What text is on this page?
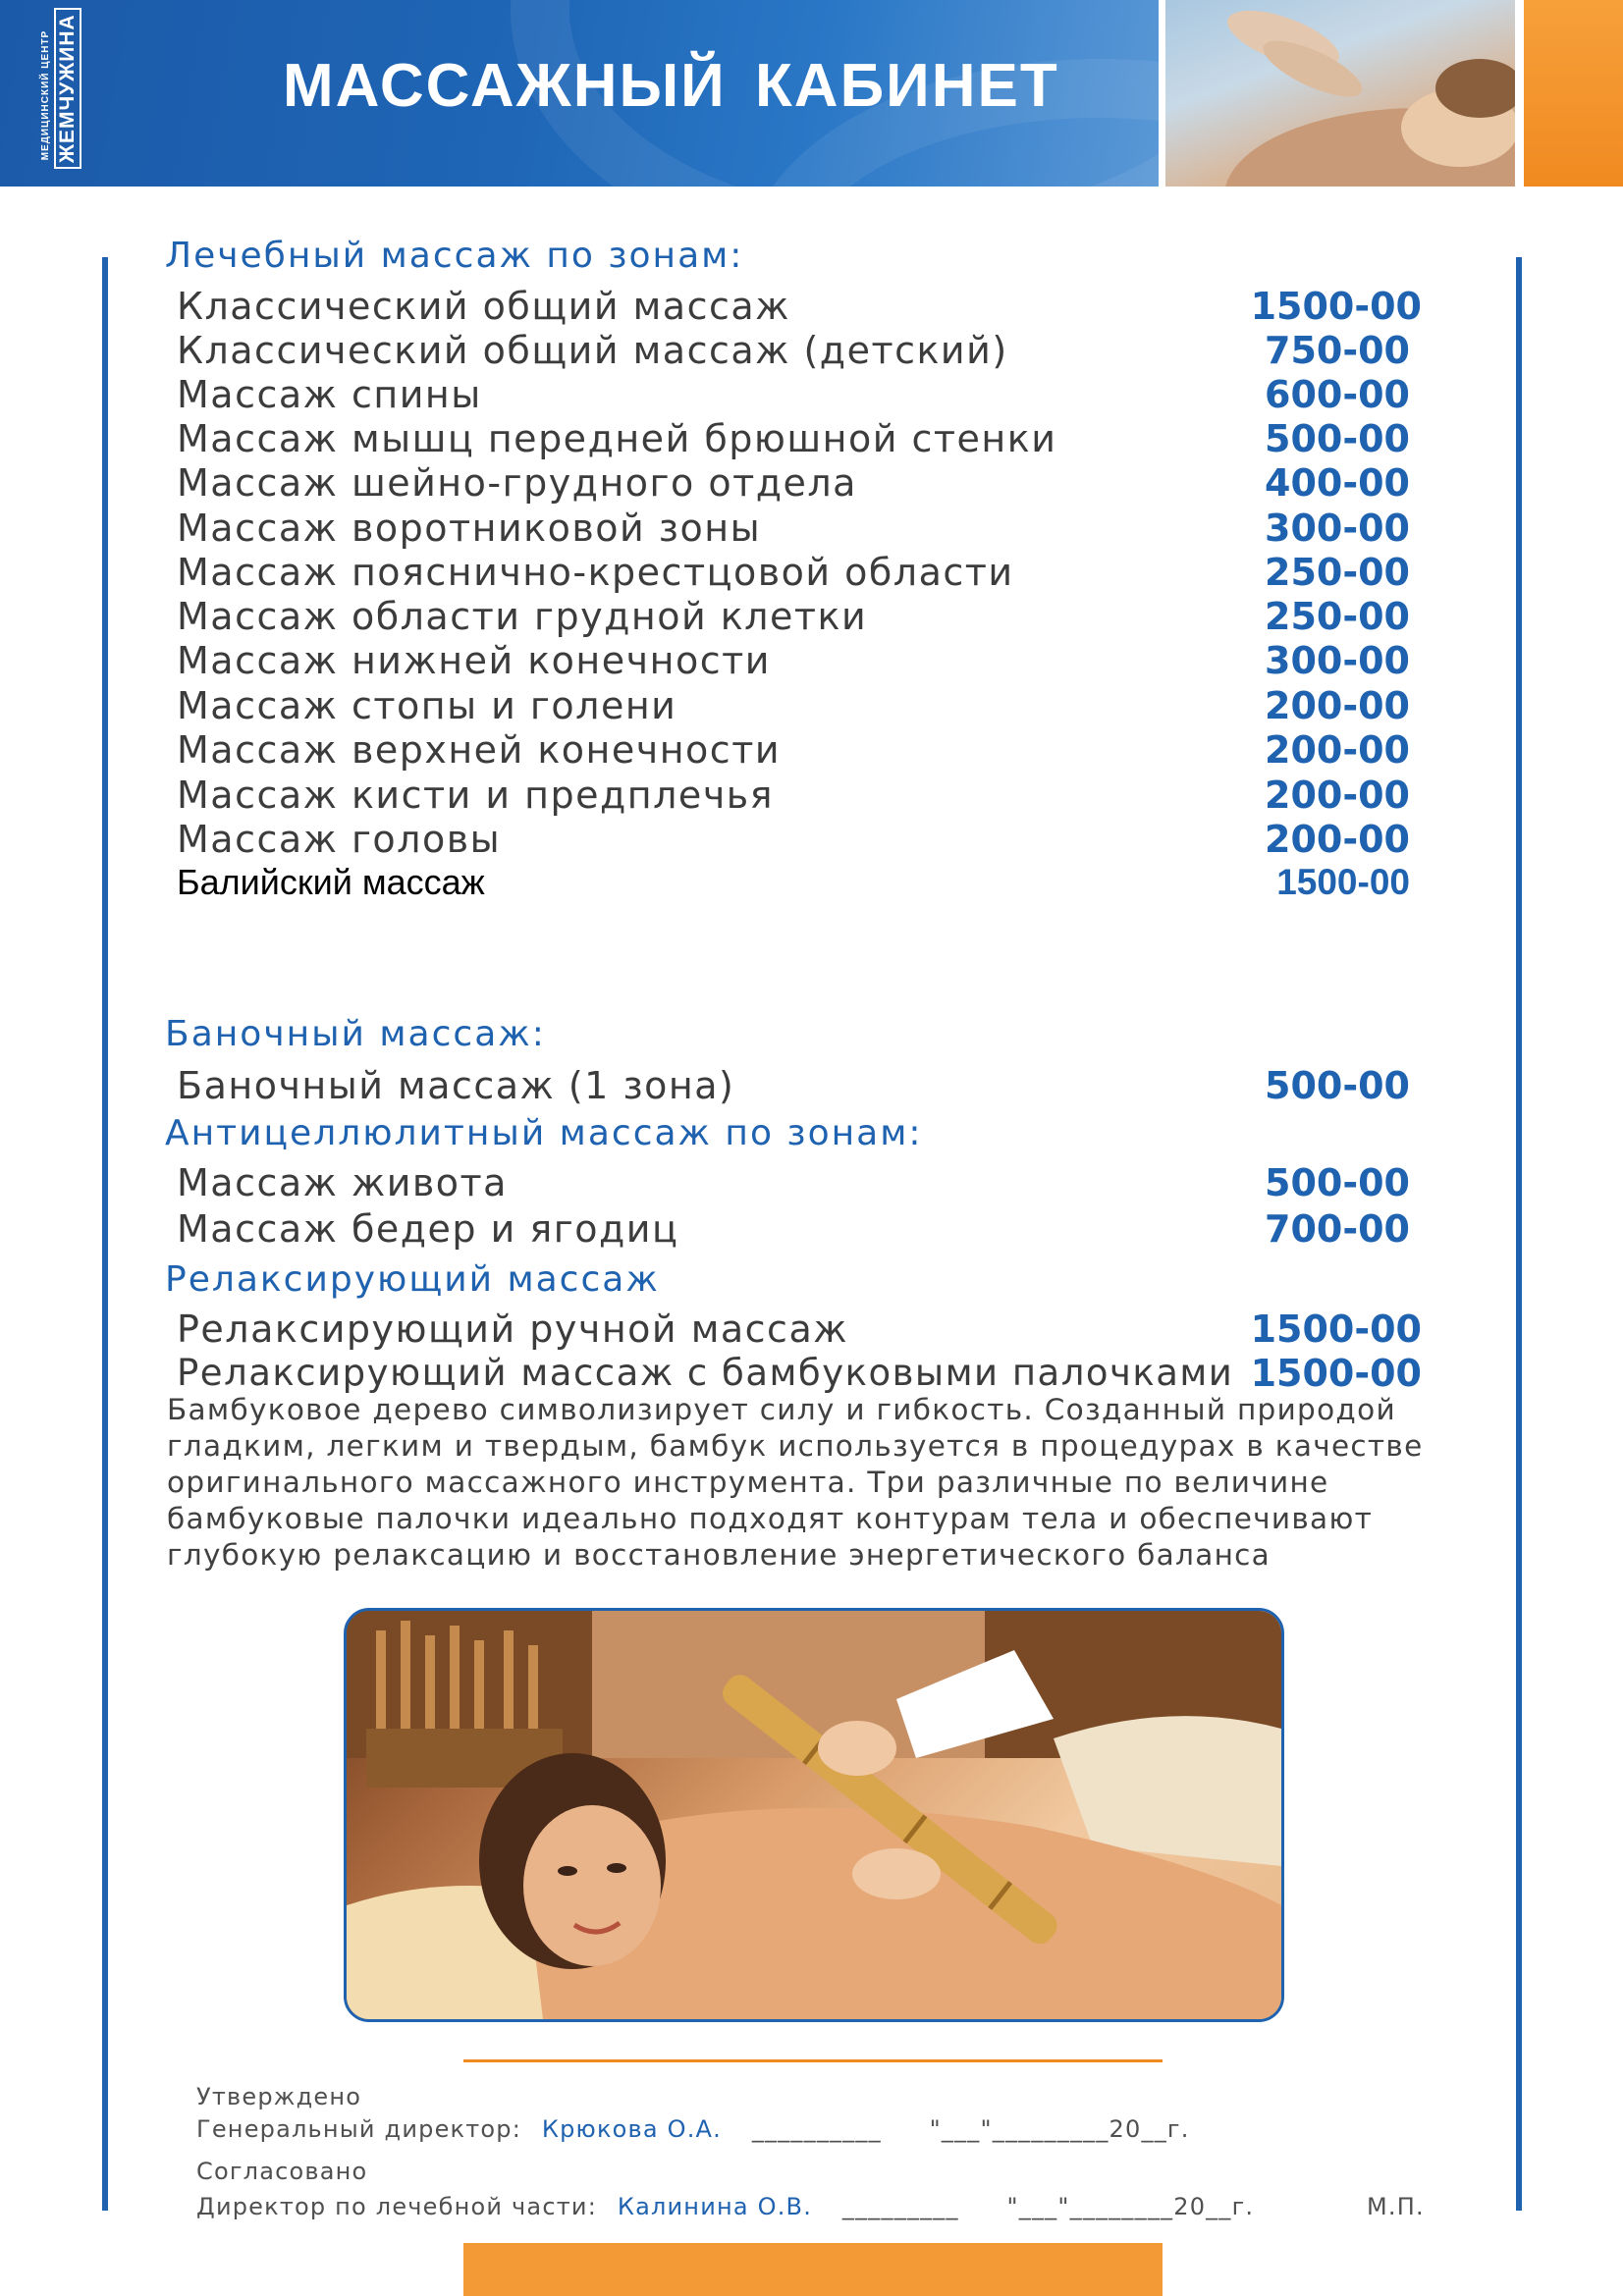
МЕДИЦИНСКИЙ ЦЕНТР ЖЕМЧУЖИНА	МАССАЖНЫЙ КАБИНЕТ
Лечебный массаж по зонам:
Классический общий массаж	1500-00
Классический общий массаж (детский)	750-00
Массаж спины	600-00
Массаж мышц передней брюшной стенки	500-00
Массаж шейно-грудного отдела	400-00
Массаж воротниковой зоны	300-00
Массаж пояснично-крестцовой области	250-00
Массаж области грудной клетки	250-00
Массаж нижней конечности	300-00
Массаж стопы и голени	200-00
Массаж верхней конечности	200-00
Массаж кисти и предплечья	200-00
Массаж головы	200-00
Балийский массаж	1500-00
Баночный массаж:
Баночный массаж (1 зона)	500-00
Антицеллюлитный массаж по зонам:
Массаж живота	500-00
Массаж бедер и ягодиц	700-00
Релаксирующий массаж
Релаксирующий ручной массаж	1500-00
Релаксирующий массаж с бамбуковыми палочками 1500-00
Бамбуковое дерево символизирует силу и гибкость. Созданный природой
гладким, легким и твердым, бамбук используется в процедурах в качестве
оригинального массажного инструмента. Три различные по величине
бамбуковые палочки идеально подходят контурам тела и обеспечивают
глубокую релаксацию и восстановление энергетического баланса
Утверждено
Генеральный директор: Крюкова О.А. __________ "___"_________20__г.
Согласовано
Директор по лечебной части: Калинина О.В. _________ "___"________20__г.	М.П.
